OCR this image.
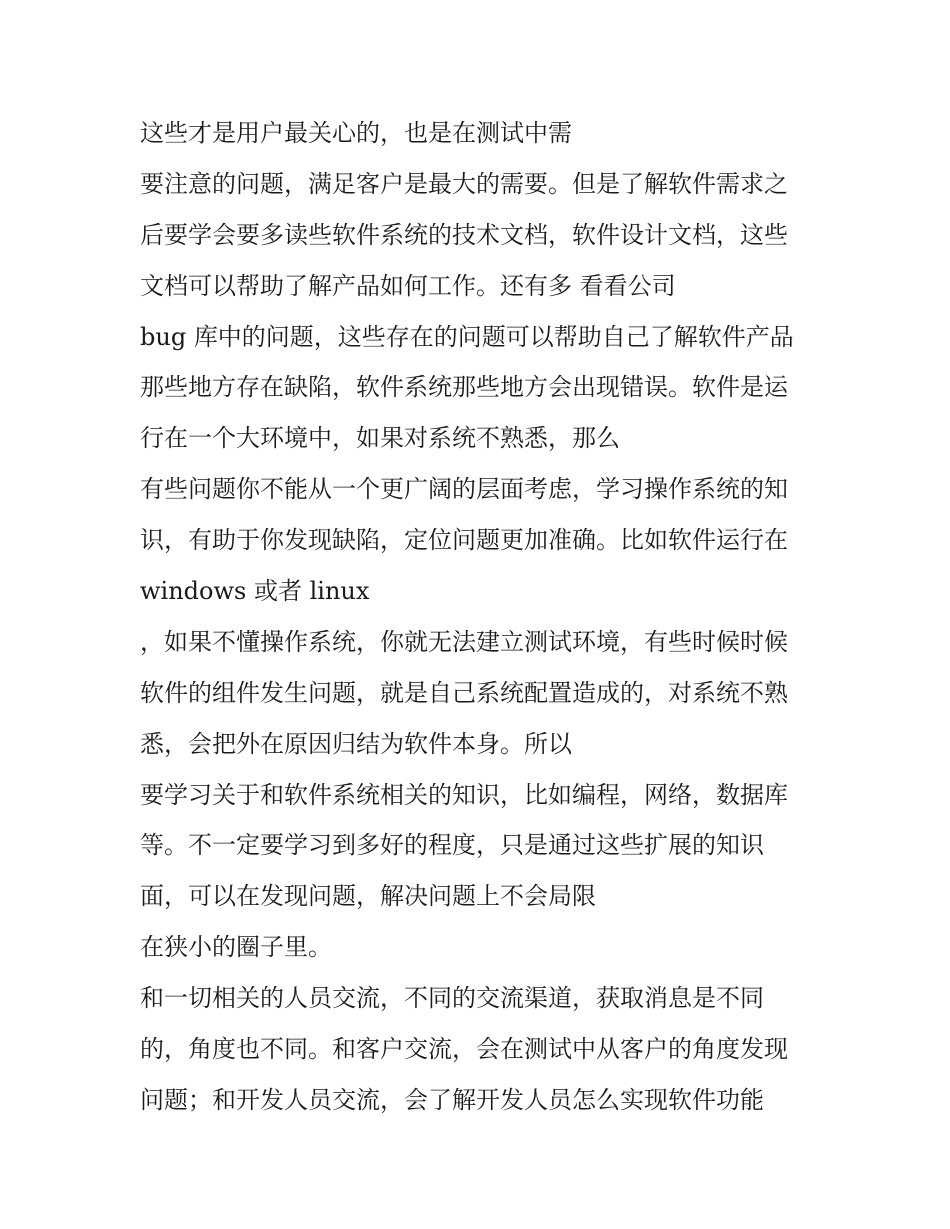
这些才是用户最关心的，也是在测试中需

要注意的问题，满足客户是最大的需要。但是了解软件需求之

后要学会要多读些软件系统的技术文档，软件设计文档，这些

文档可以帮助了解产品如何工作。还有多 看看公司

bug 库中的问题，这些存在的问题可以帮助自己了解软件产品

那些地方存在缺陷，软件系统那些地方会出现错误。软件是运

行在一个大环境中，如果对系统不熟悉，那么

有些问题你不能从一个更广阔的层面考虑，学习操作系统的知

识，有助于你发现缺陷，定位问题更加准确。比如软件运行在

windows 或者 linux

，如果不懂操作系统，你就无法建立测试环境，有些时候时候

软件的组件发生问题，就是自己系统配置造成的，对系统不熟

悉，会把外在原因归结为软件本身。所以

要学习关于和软件系统相关的知识，比如编程，网络，数据库

等。不一定要学习到多好的程度，只是通过这些扩展的知识

面，可以在发现问题，解决问题上不会局限

在狭小的圈子里。

和一切相关的人员交流，不同的交流渠道，获取消息是不同

的，角度也不同。和客户交流，会在测试中从客户的角度发现

问题；和开发人员交流，会了解开发人员怎么实现软件功能
